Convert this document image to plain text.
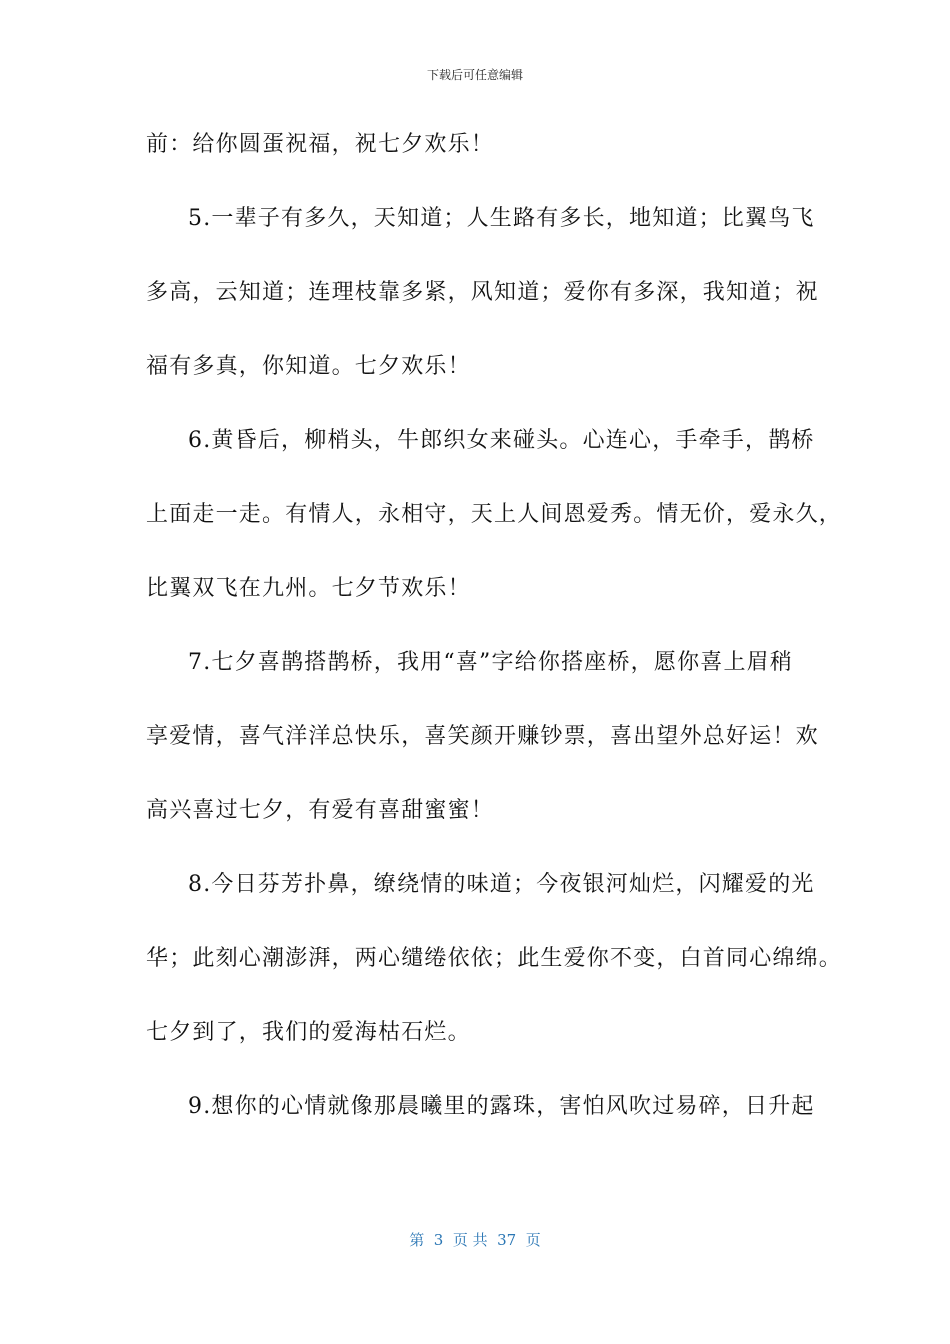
下载后可任意编辑
前：给你圆蛋祝福，祝七夕欢乐！
5.一辈子有多久，天知道；人生路有多长，地知道；比翼鸟飞
多高，云知道；连理枝靠多紧，风知道；爱你有多深，我知道；祝
福有多真，你知道。七夕欢乐！
6.黄昏后，柳梢头，牛郎织女来碰头。心连心，手牵手，鹊桥
上面走一走。有情人，永相守，天上人间恩爱秀。情无价，爱永久，
比翼双飞在九州。七夕节欢乐！
7.七夕喜鹊搭鹊桥，我用“喜”字给你搭座桥，愿你喜上眉稍
享爱情，喜气洋洋总快乐，喜笑颜开赚钞票，喜出望外总好运！欢
高兴喜过七夕，有爱有喜甜蜜蜜！
8.今日芬芳扑鼻，缭绕情的味道；今夜银河灿烂，闪耀爱的光
华；此刻心潮澎湃，两心缱绻依依；此生爱你不变，白首同心绵绵。
七夕到了，我们的爱海枯石烂。
9.想你的心情就像那晨曦里的露珠，害怕风吹过易碎，日升起
第  3  页 共  37  页
